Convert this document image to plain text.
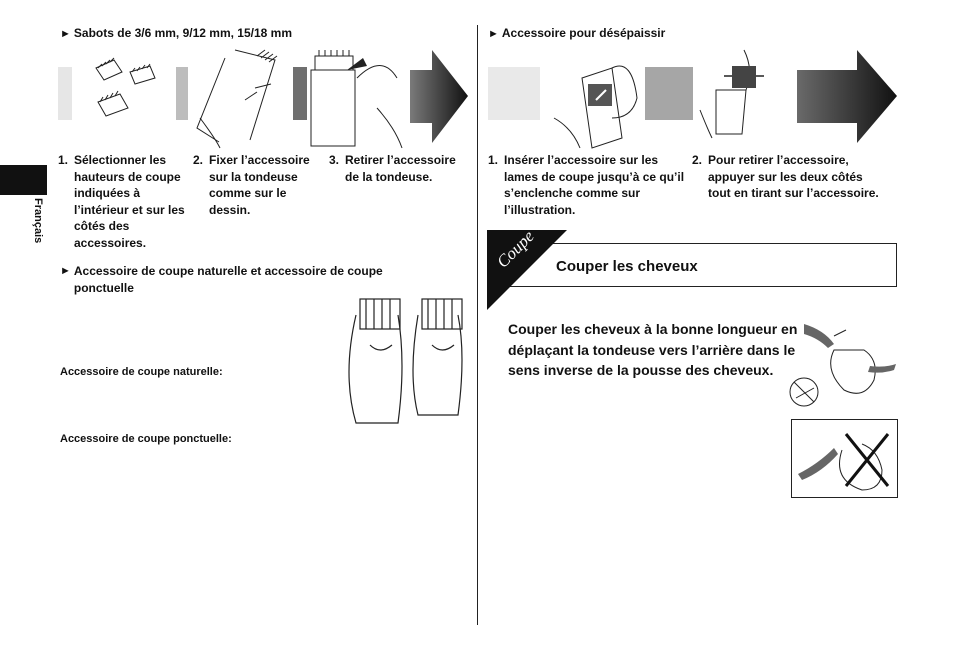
Français
► Sabots de 3/6 mm, 9/12 mm, 15/18 mm
1. Sélectionner les hauteurs de coupe indiquées à l’intérieur et sur les côtés des accessoires.
2. Fixer l’accessoire sur la tondeuse comme sur le dessin.
3. Retirer l’accessoire de la tondeuse.
► Accessoire de coupe naturelle et accessoire de coupe ponctuelle
Accessoire de coupe naturelle:
Accessoire de coupe ponctuelle:
► Accessoire pour désépaissir
1. Insérer l’accessoire sur les lames de coupe jusqu’à ce qu’il s’enclenche comme sur l’illustration.
2. Pour retirer l’accessoire, appuyer sur les deux côtés tout en tirant sur l’accessoire.
Coupe Couper les cheveux
Couper les cheveux à la bonne longueur en déplaçant la tondeuse vers l’arrière dans le sens inverse de la pousse des cheveux.
